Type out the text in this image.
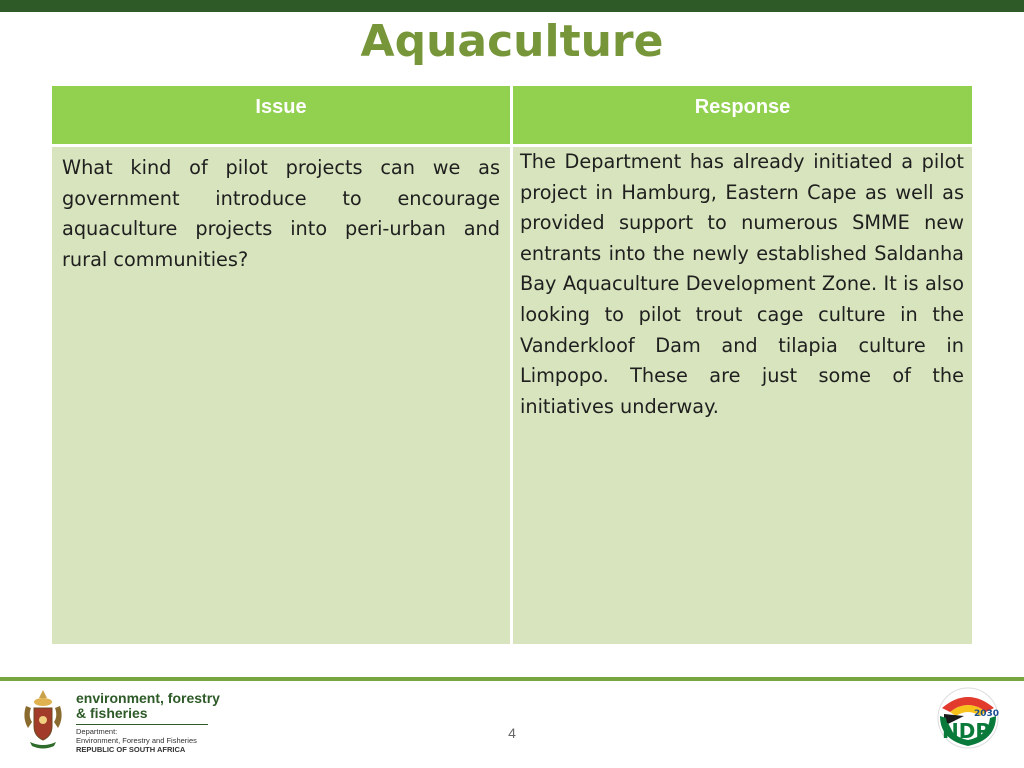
Aquaculture
Issue	Response
What kind of pilot projects can we as government introduce to encourage aquaculture projects into peri-urban and rural communities?
The Department has already initiated a pilot project in Hamburg, Eastern Cape as well as provided support to numerous SMME new entrants into the newly established Saldanha Bay Aquaculture Development Zone. It is also looking to pilot trout cage culture in the Vanderkloof Dam and tilapia culture in Limpopo. These are just some of the initiatives underway.
environment, forestry
& fisheries
Department:
Environment, Forestry and Fisheries
REPUBLIC OF SOUTH AFRICA
4
2030
NDP
